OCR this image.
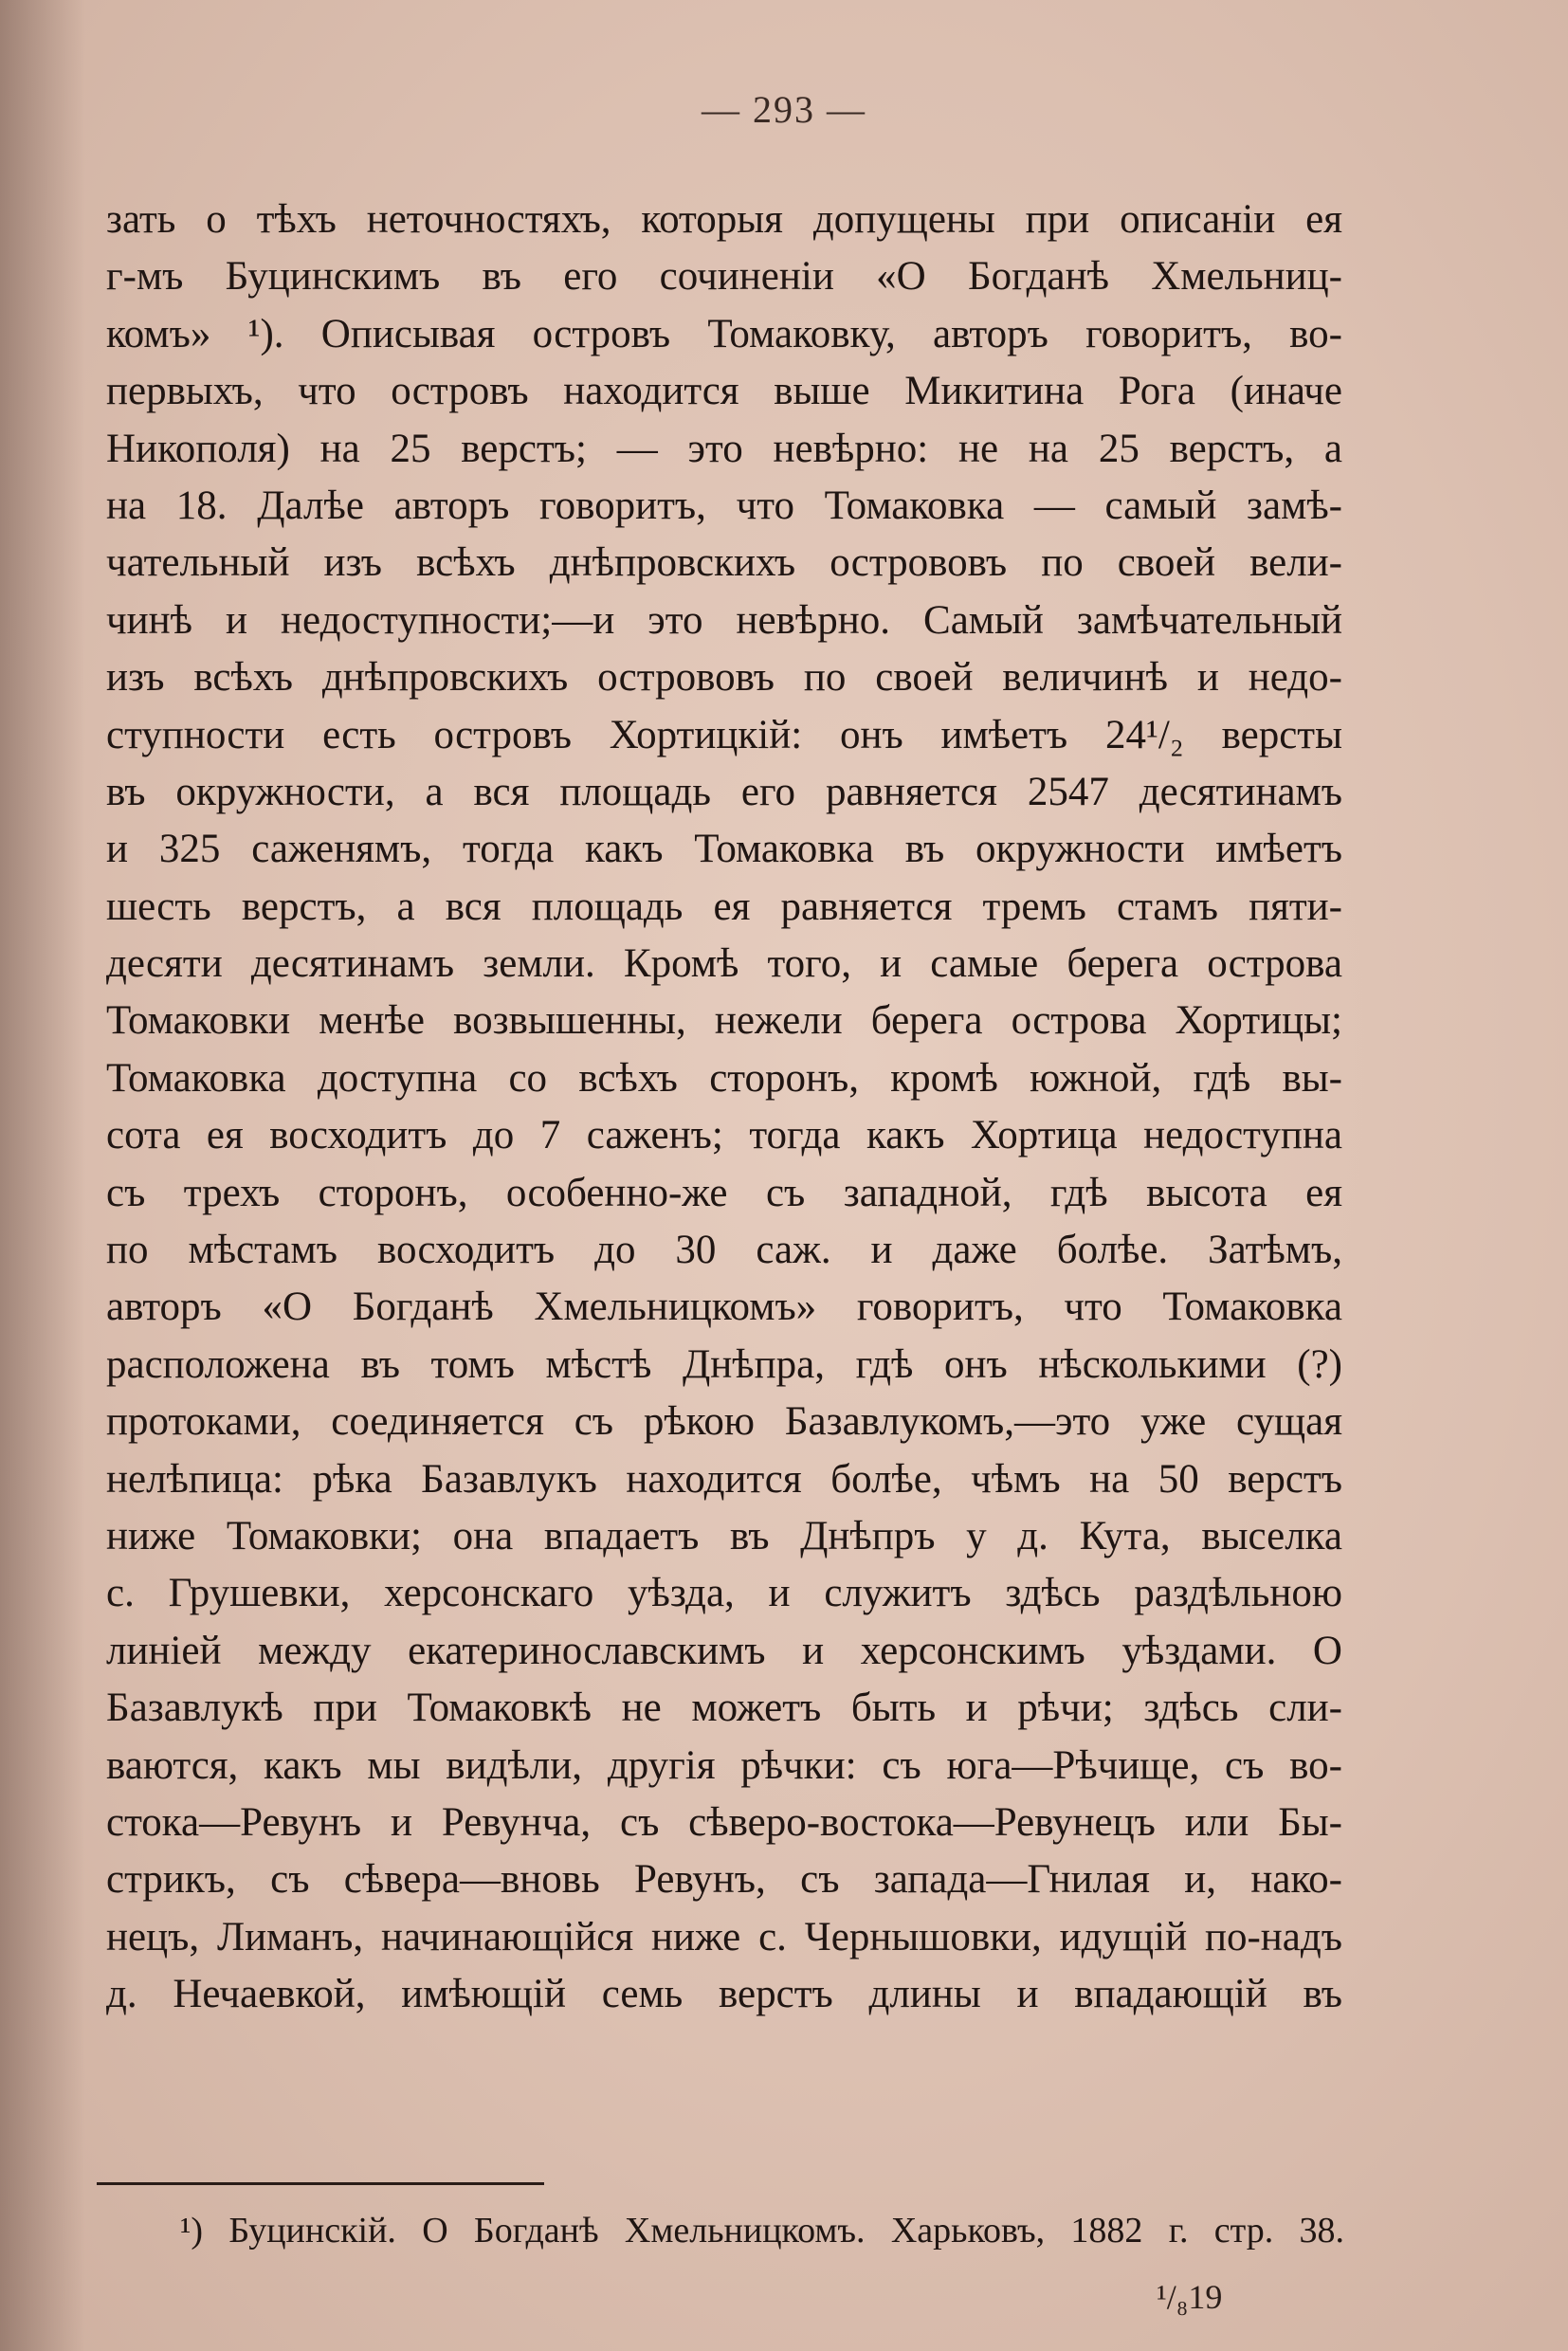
— 293 —
зать о тѣхъ неточностяхъ, которыя допущены при описаніи ея
г-мъ Буцинскимъ въ его сочиненіи «О Богданѣ Хмельниц-
комъ» ¹). Описывая островъ Томаковку, авторъ говоритъ, во-
первыхъ, что островъ находится выше Микитина Рога (иначе
Никополя) на 25 верстъ; — это невѣрно: не на 25 верстъ, а
на 18. Далѣе авторъ говоритъ, что Томаковка — самый замѣ-
чательный изъ всѣхъ днѣпровскихъ острововъ по своей вели-
чинѣ и недоступности;—и это невѣрно. Самый замѣчательный
изъ всѣхъ днѣпровскихъ острововъ по своей величинѣ и недо-
ступности есть островъ Хортицкій: онъ имѣетъ 24¹/₂ версты
въ окружности, а вся площадь его равняется 2547 десятинамъ
и 325 саженямъ, тогда какъ Томаковка въ окружности имѣетъ
шесть верстъ, а вся площадь ея равняется тремъ стамъ пяти-
десяти десятинамъ земли. Кромѣ того, и самые берега острова
Томаковки менѣе возвышенны, нежели берега острова Хортицы;
Томаковка доступна со всѣхъ сторонъ, кромѣ южной, гдѣ вы-
сота ея восходитъ до 7 саженъ; тогда какъ Хортица недоступна
съ трехъ сторонъ, особенно-же съ западной, гдѣ высота ея
по мѣстамъ восходитъ до 30 саж. и даже болѣе. Затѣмъ,
авторъ «О Богданѣ Хмельницкомъ» говоритъ, что Томаковка
расположена въ томъ мѣстѣ Днѣпра, гдѣ онъ нѣсколькими (?)
протоками, соединяется съ рѣкою Базавлукомъ,—это уже сущая
нелѣпица: рѣка Базавлукъ находится болѣе, чѣмъ на 50 верстъ
ниже Томаковки; она впадаетъ въ Днѣпръ у д. Кута, выселка
с. Грушевки, херсонскаго уѣзда, и служитъ здѣсь раздѣльною
линіей между екатеринославскимъ и херсонскимъ уѣздами. О
Базавлукѣ при Томаковкѣ не можетъ быть и рѣчи; здѣсь сли-
ваются, какъ мы видѣли, другія рѣчки: съ юга—Рѣчище, съ во-
стока—Ревунъ и Ревунча, съ сѣверо-востока—Ревунецъ или Бы-
стрикъ, съ сѣвера—вновь Ревунъ, съ запада—Гнилая и, нако-
нецъ, Лиманъ, начинающійся ниже с. Чернышовки, идущій по-надъ
д. Нечаевкой, имѣющій семь верстъ длины и впадающій въ
¹) Буцинскій. О Богданѣ Хмельницкомъ. Харьковъ, 1882 г. стр. 38.
¹/₈19
